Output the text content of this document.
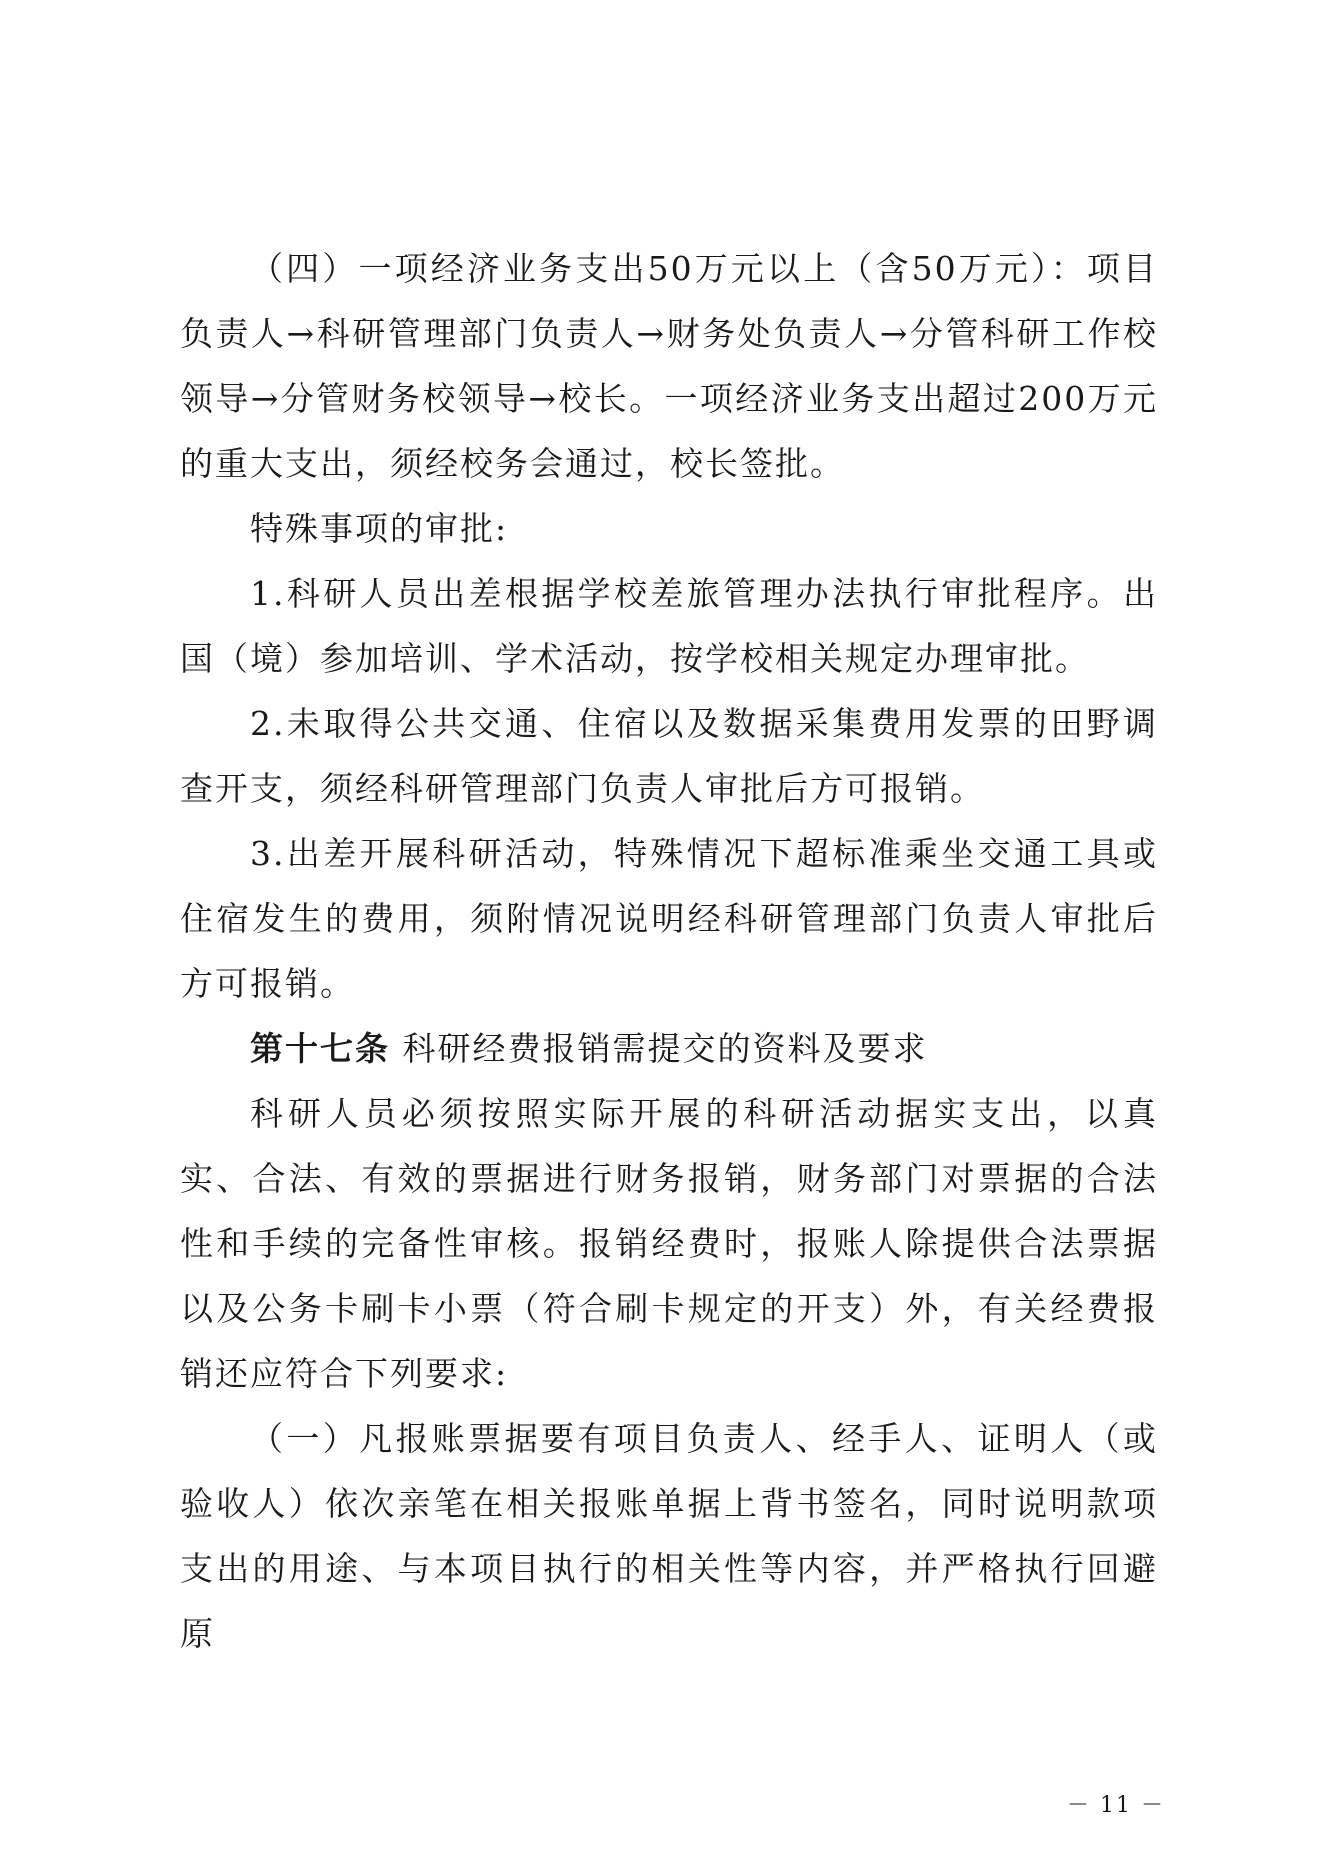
（四）一项经济业务支出50万元以上（含50万元）：项目负责人→科研管理部门负责人→财务处负责人→分管科研工作校领导→分管财务校领导→校长。一项经济业务支出超过200万元的重大支出，须经校务会通过，校长签批。

特殊事项的审批:

1.科研人员出差根据学校差旅管理办法执行审批程序。出国（境）参加培训、学术活动，按学校相关规定办理审批。

2.未取得公共交通、住宿以及数据采集费用发票的田野调查开支，须经科研管理部门负责人审批后方可报销。

3.出差开展科研活动，特殊情况下超标准乘坐交通工具或住宿发生的费用，须附情况说明经科研管理部门负责人审批后方可报销。

第十七条 科研经费报销需提交的资料及要求

科研人员必须按照实际开展的科研活动据实支出，以真实、合法、有效的票据进行财务报销，财务部门对票据的合法性和手续的完备性审核。报销经费时，报账人除提供合法票据以及公务卡刷卡小票（符合刷卡规定的开支）外，有关经费报销还应符合下列要求:

（一）凡报账票据要有项目负责人、经手人、证明人（或验收人）依次亲笔在相关报账单据上背书签名，同时说明款项支出的用途、与本项目执行的相关性等内容，并严格执行回避原

－ 11 －
